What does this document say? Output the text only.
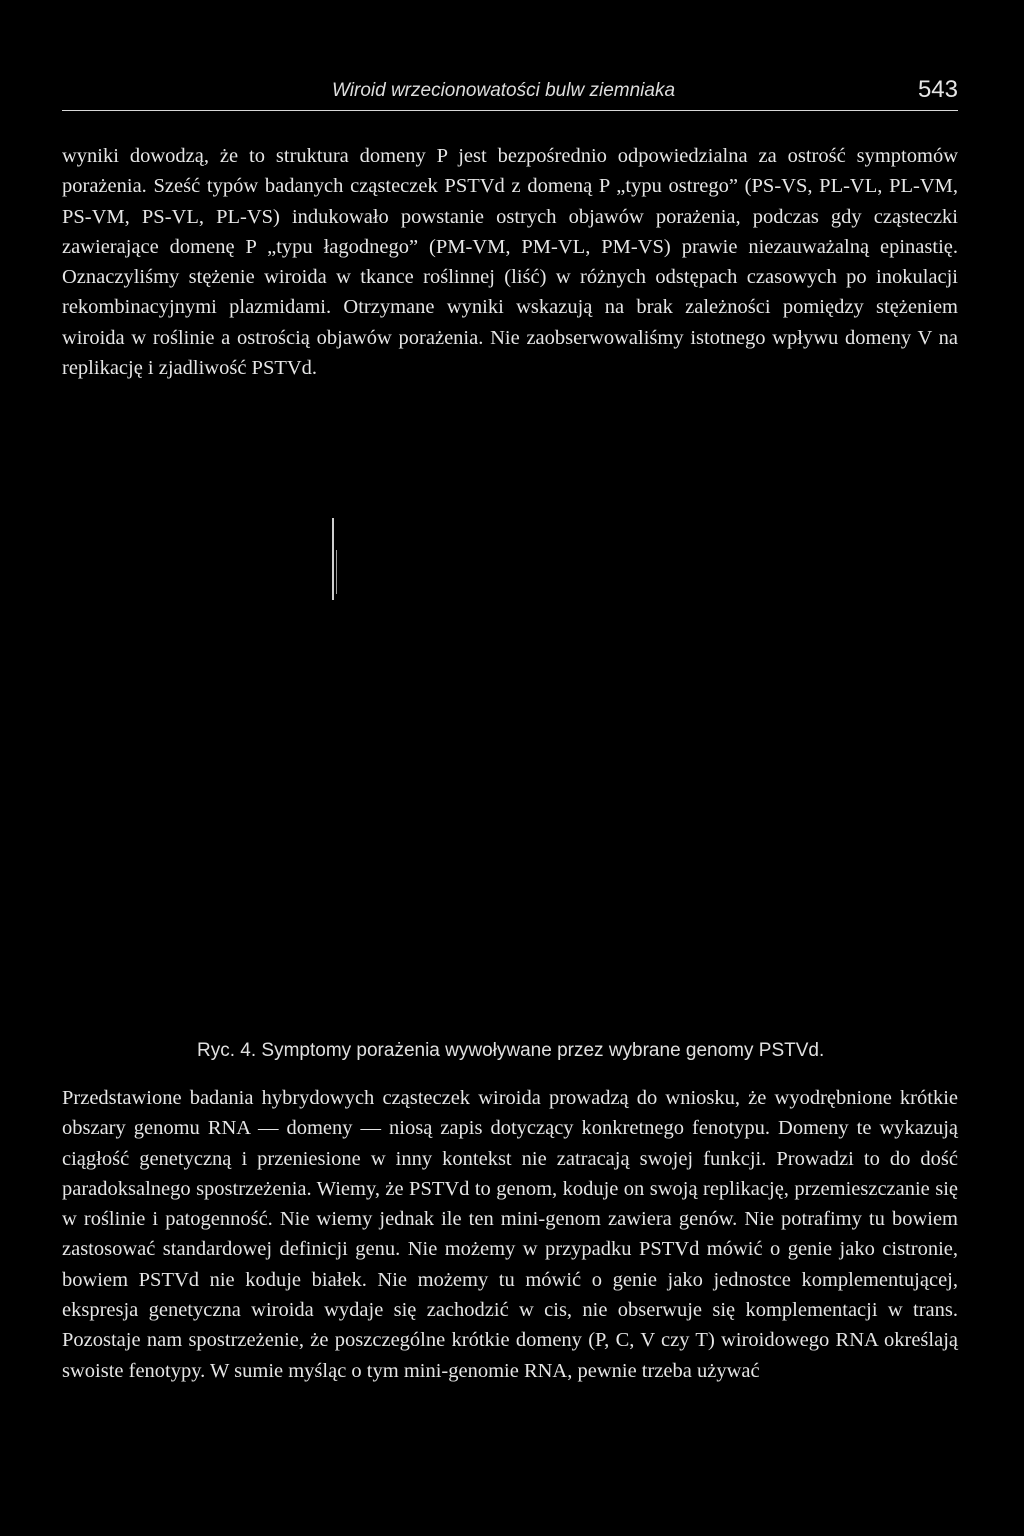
Wiroid wrzecionowatości bulw ziemniaka	543

wyniki dowodzą, że to struktura domeny P jest bezpośrednio odpowiedzialna za ostrość symptomów porażenia. Sześć typów badanych cząsteczek PSTVd z domeną P „typu ostrego” (PS-VS, PL-VL, PL-VM, PS-VM, PS-VL, PL-VS) indukowało powstanie ostrych objawów porażenia, podczas gdy cząsteczki zawierające domenę P „typu łagodnego” (PM-VM, PM-VL, PM-VS) prawie niezauważalną epinastię. Oznaczyliśmy stężenie wiroida w tkance roślinnej (liść) w różnych odstępach czasowych po inokulacji rekombinacyjnymi plazmidami. Otrzymane wyniki wskazują na brak zależności pomiędzy stężeniem wiroida w roślinie a ostrością objawów porażenia. Nie zaobserwowaliśmy istotnego wpływu domeny V na replikację i zjadliwość PSTVd.

Ryc. 4. Symptomy porażenia wywoływane przez wybrane genomy PSTVd.

Przedstawione badania hybrydowych cząsteczek wiroida prowadzą do wniosku, że wyodrębnione krótkie obszary genomu RNA — domeny — niosą zapis dotyczący konkretnego fenotypu. Domeny te wykazują ciągłość genetyczną i przeniesione w inny kontekst nie zatracają swojej funkcji. Prowadzi to do dość paradoksalnego spostrzeżenia. Wiemy, że PSTVd to genom, koduje on swoją replikację, przemieszczanie się w roślinie i patogenność. Nie wiemy jednak ile ten mini-genom zawiera genów. Nie potrafimy tu bowiem zastosować standardowej definicji genu. Nie możemy w przypadku PSTVd mówić o genie jako cistronie, bowiem PSTVd nie koduje białek. Nie możemy tu mówić o genie jako jednostce komplementującej, ekspresja genetyczna wiroida wydaje się zachodzić w cis, nie obserwuje się komplementacji w trans. Pozostaje nam spostrzeżenie, że poszczególne krótkie domeny (P, C, V czy T) wiroidowego RNA określają swoiste fenotypy. W sumie myśląc o tym mini-genomie RNA, pewnie trzeba używać
